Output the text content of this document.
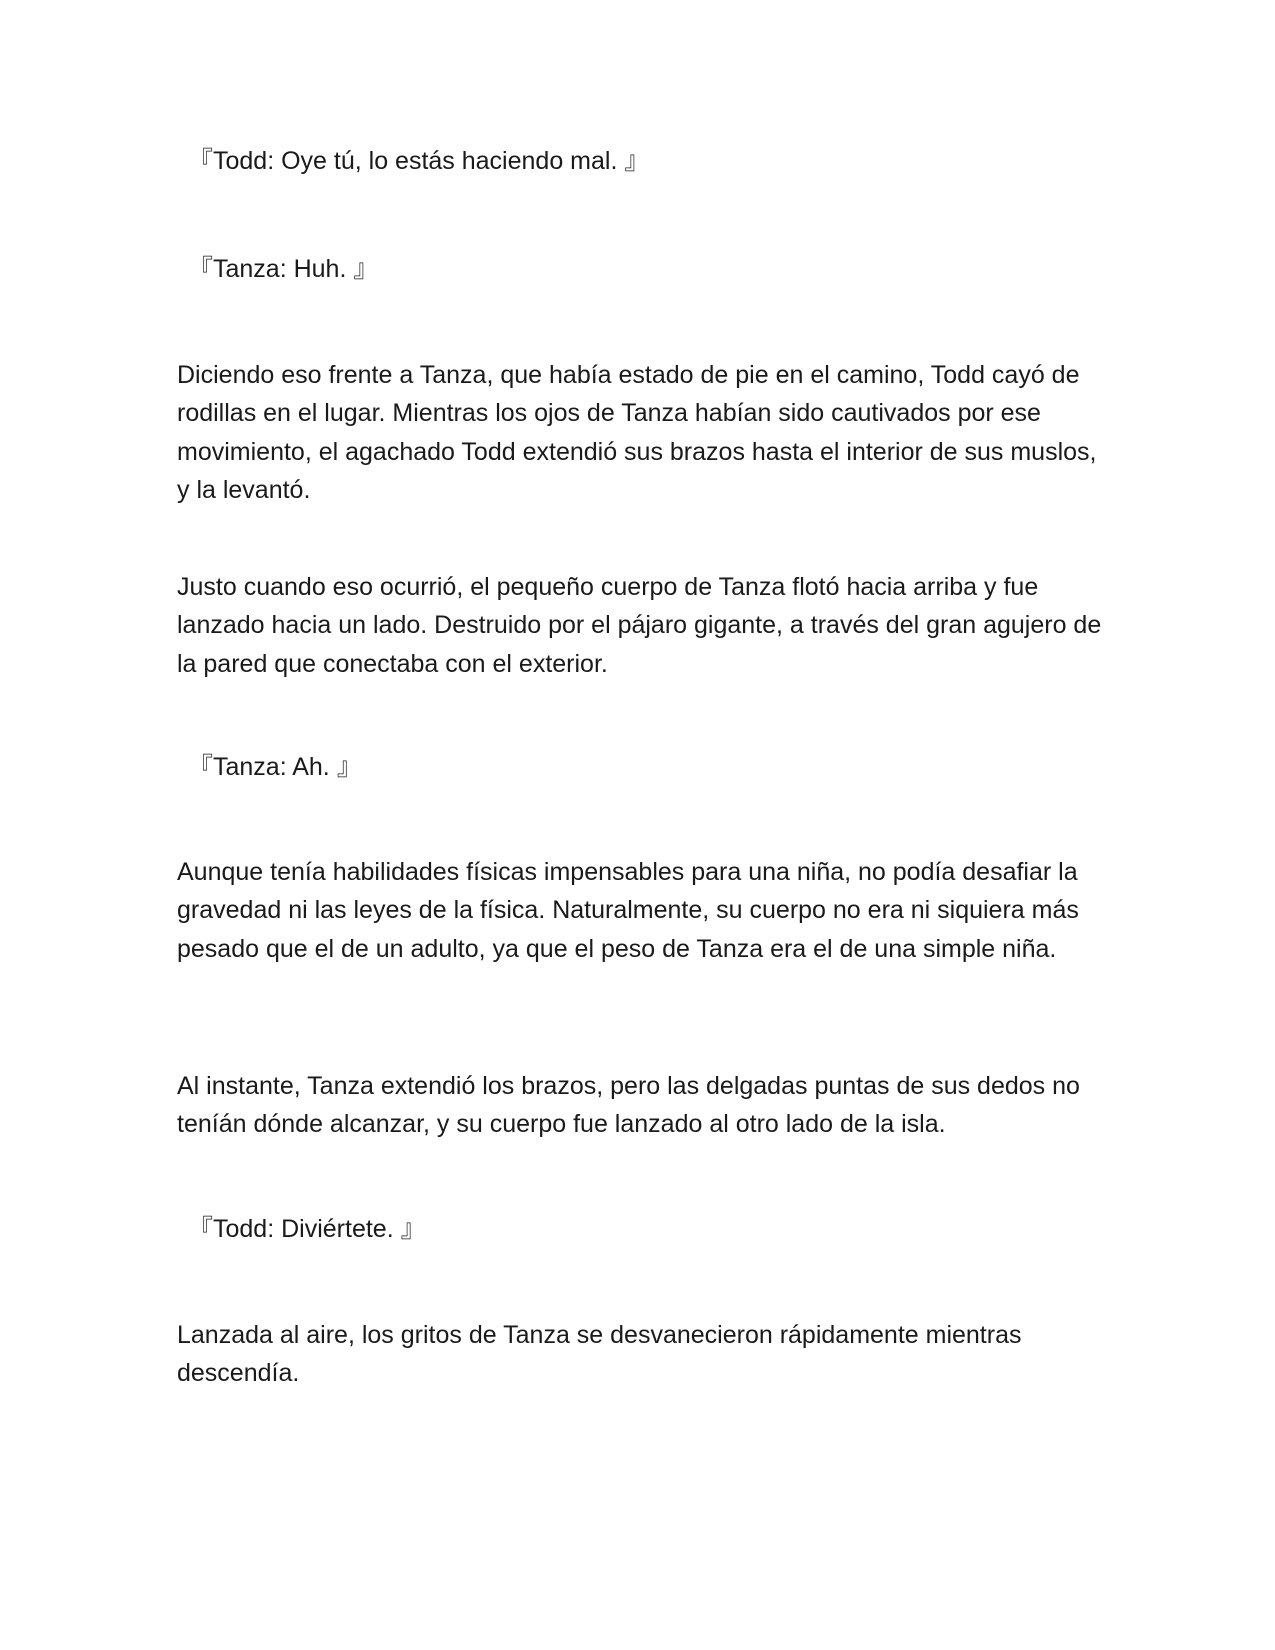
『Todd: Oye tú, lo estás haciendo mal. 』

『Tanza: Huh. 』

Diciendo eso frente a Tanza, que había estado de pie en el camino, Todd cayó de rodillas en el lugar. Mientras los ojos de Tanza habían sido cautivados por ese movimiento, el agachado Todd extendió sus brazos hasta el interior de sus muslos, y la levantó.

Justo cuando eso ocurrió, el pequeño cuerpo de Tanza flotó hacia arriba y fue lanzado hacia un lado. Destruido por el pájaro gigante, a través del gran agujero de la pared que conectaba con el exterior.

『Tanza: Ah. 』

Aunque tenía habilidades físicas impensables para una niña, no podía desafiar la gravedad ni las leyes de la física. Naturalmente, su cuerpo no era ni siquiera más pesado que el de un adulto, ya que el peso de Tanza era el de una simple niña.

Al instante, Tanza extendió los brazos, pero las delgadas puntas de sus dedos no teníán dónde alcanzar, y su cuerpo fue lanzado al otro lado de la isla.

『Todd: Diviértete. 』

Lanzada al aire, los gritos de Tanza se desvanecieron rápidamente mientras descendía.
